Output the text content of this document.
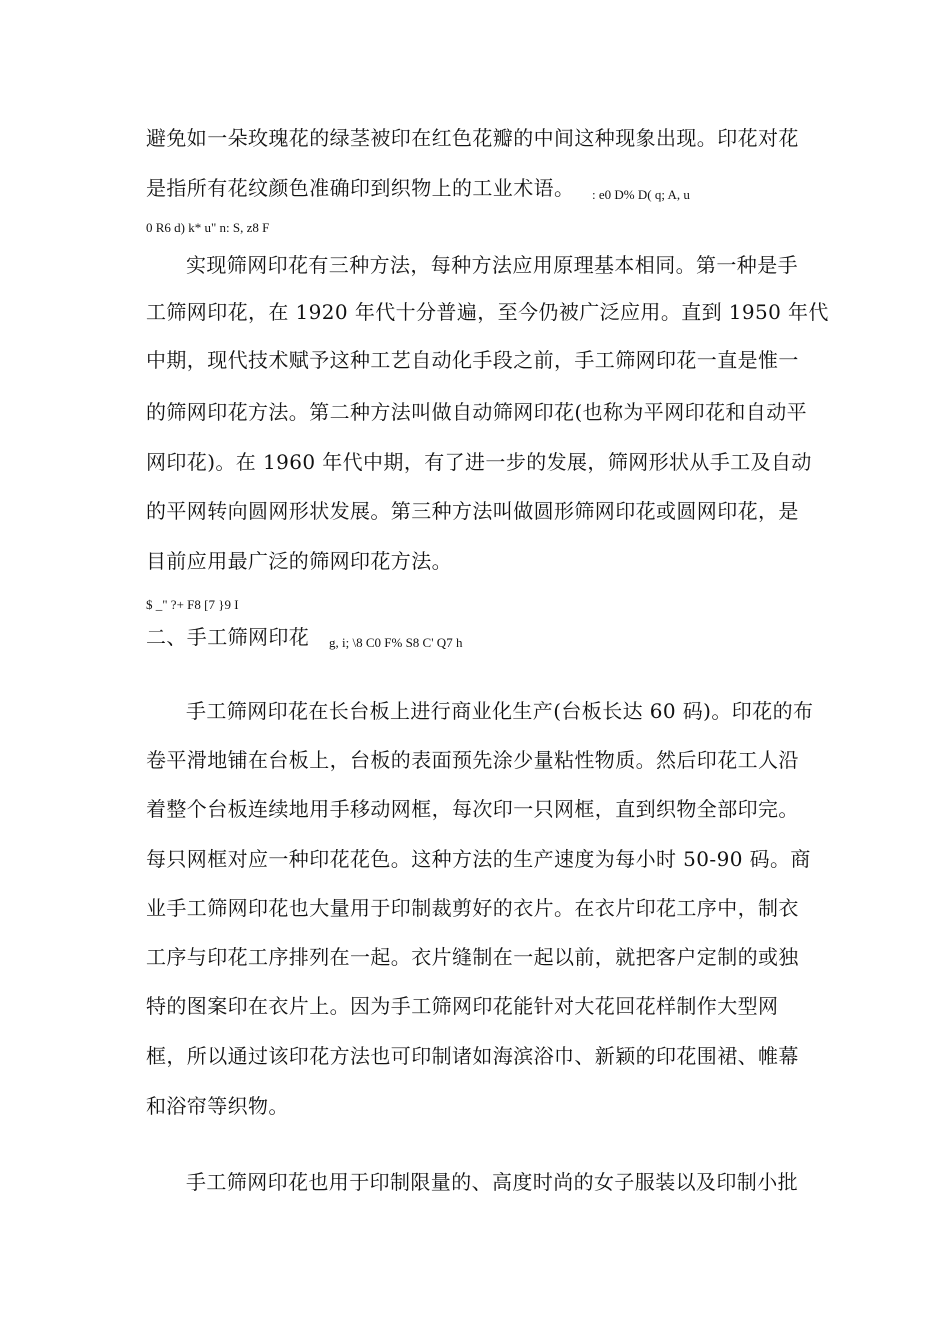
避免如一朵玫瑰花的绿茎被印在红色花瓣的中间这种现象出现。印花对花
是指所有花纹颜色准确印到织物上的工业术语。 : e0 D% D( q; A, u
0 R6 d) k* u" n: S, z8 F
实现筛网印花有三种方法，每种方法应用原理基本相同。第一种是手
工筛网印花，在 1920 年代十分普遍，至今仍被广泛应用。直到 1950 年代
中期，现代技术赋予这种工艺自动化手段之前，手工筛网印花一直是惟一
的筛网印花方法。第二种方法叫做自动筛网印花(也称为平网印花和自动平
网印花)。在 1960 年代中期，有了进一步的发展，筛网形状从手工及自动
的平网转向圆网形状发展。第三种方法叫做圆形筛网印花或圆网印花，是
目前应用最广泛的筛网印花方法。
$ _" ?+ F8 [7 }9 I
二、手工筛网印花 g, i; \8 C0 F% S8 C' Q7 h
手工筛网印花在长台板上进行商业化生产(台板长达 60 码)。印花的布
卷平滑地铺在台板上，台板的表面预先涂少量粘性物质。然后印花工人沿
着整个台板连续地用手移动网框，每次印一只网框，直到织物全部印完。
每只网框对应一种印花花色。这种方法的生产速度为每小时 50-90 码。商
业手工筛网印花也大量用于印制裁剪好的衣片。在衣片印花工序中，制衣
工序与印花工序排列在一起。衣片缝制在一起以前，就把客户定制的或独
特的图案印在衣片上。因为手工筛网印花能针对大花回花样制作大型网
框，所以通过该印花方法也可印制诸如海滨浴巾、新颖的印花围裙、帷幕
和浴帘等织物。
手工筛网印花也用于印制限量的、高度时尚的女子服装以及印制小批
